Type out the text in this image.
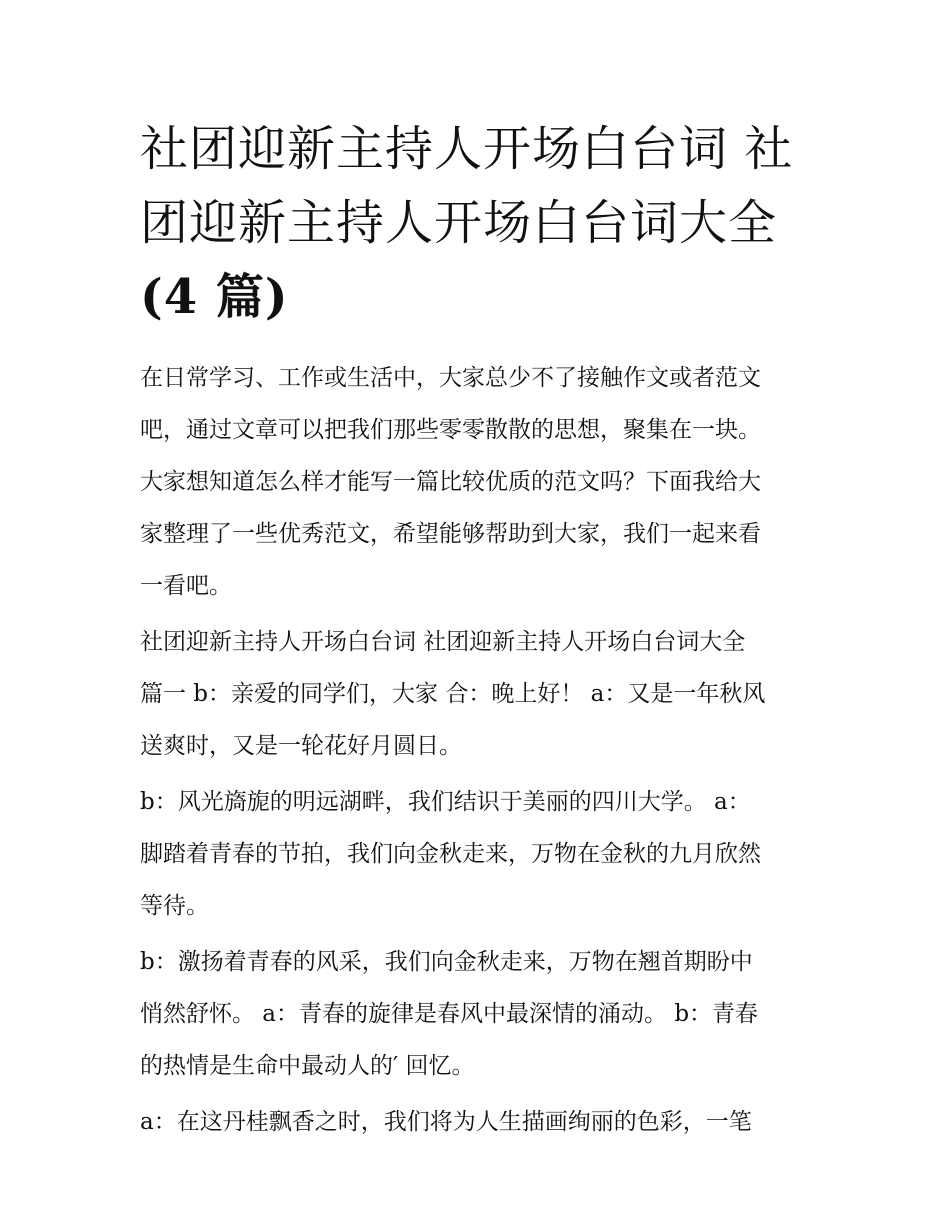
社团迎新主持人开场白台词 社
团迎新主持人开场白台词大全
(4 篇)

在日常学习、工作或生活中，大家总少不了接触作文或者范文
吧，通过文章可以把我们那些零零散散的思想，聚集在一块。
大家想知道怎么样才能写一篇比较优质的范文吗？下面我给大
家整理了一些优秀范文，希望能够帮助到大家，我们一起来看
一看吧。

社团迎新主持人开场白台词 社团迎新主持人开场白台词大全
篇一 b：亲爱的同学们，大家 合：晚上好！ a：又是一年秋风
送爽时，又是一轮花好月圆日。

b：风光旖旎的明远湖畔，我们结识于美丽的四川大学。 a：
脚踏着青春的节拍，我们向金秋走来，万物在金秋的九月欣然
等待。

b：激扬着青春的风采，我们向金秋走来，万物在翘首期盼中
悄然舒怀。 a：青春的旋律是春风中最深情的涌动。 b：青春
的热情是生命中最动人的′ 回忆。

a：在这丹桂飘香之时，我们将为人生描画绚丽的色彩，一笔
